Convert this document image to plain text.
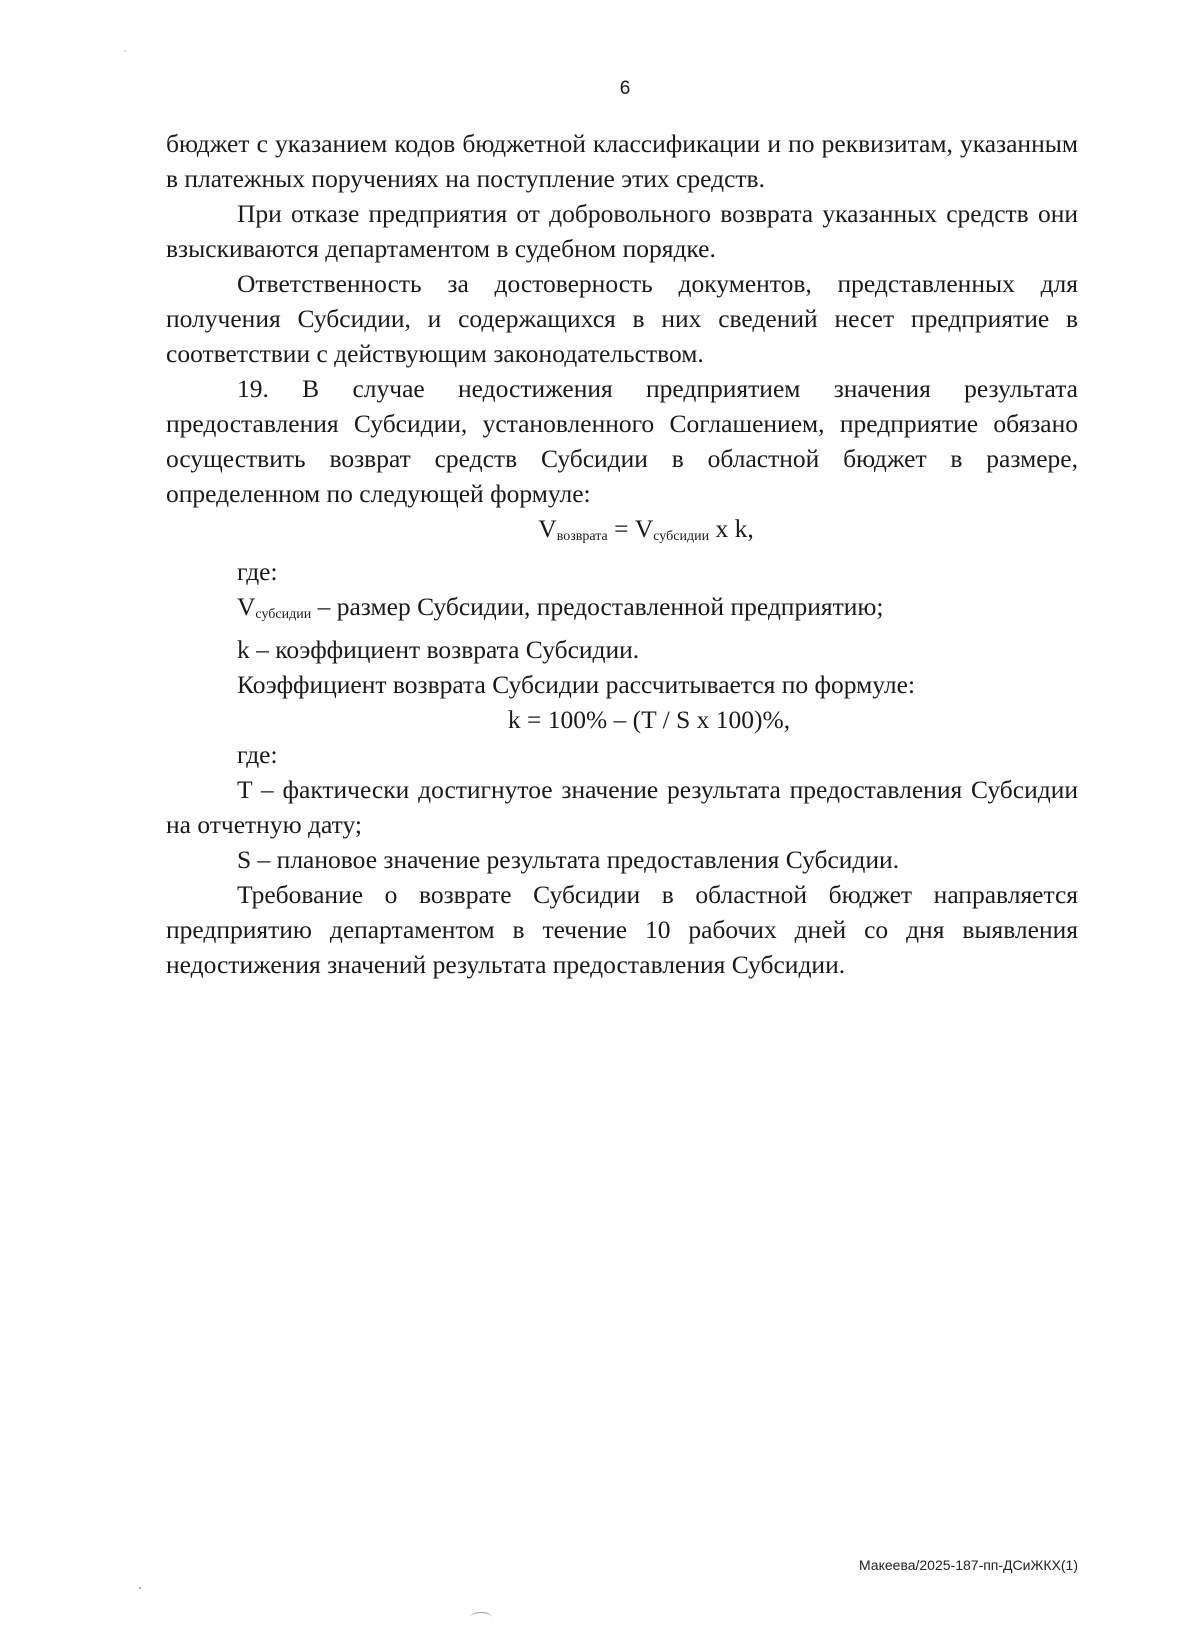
6

бюджет с указанием кодов бюджетной классификации и по реквизитам, указанным в платежных поручениях на поступление этих средств.

При отказе предприятия от добровольного возврата указанных средств они взыскиваются департаментом в судебном порядке.

Ответственность за достоверность документов, представленных для получения Субсидии, и содержащихся в них сведений несет предприятие в соответствии с действующим законодательством.

19. В случае недостижения предприятием значения результата предоставления Субсидии, установленного Соглашением, предприятие обязано осуществить возврат средств Субсидии в областной бюджет в размере, определенном по следующей формуле:

$V_{возврата} = V_{субсидии}$ x k,

где:

$V_{субсидии}$ – размер Субсидии, предоставленной предприятию;

k – коэффициент возврата Субсидии.

Коэффициент возврата Субсидии рассчитывается по формуле:

k = 100% – (T / S x 100)%,

где:

T – фактически достигнутое значение результата предоставления Субсидии на отчетную дату;

S – плановое значение результата предоставления Субсидии.

Требование о возврате Субсидии в областной бюджет направляется предприятию департаментом в течение 10 рабочих дней со дня выявления недостижения значений результата предоставления Субсидии.

Макеева/2025-187-пп-ДСиЖКХ(1)
